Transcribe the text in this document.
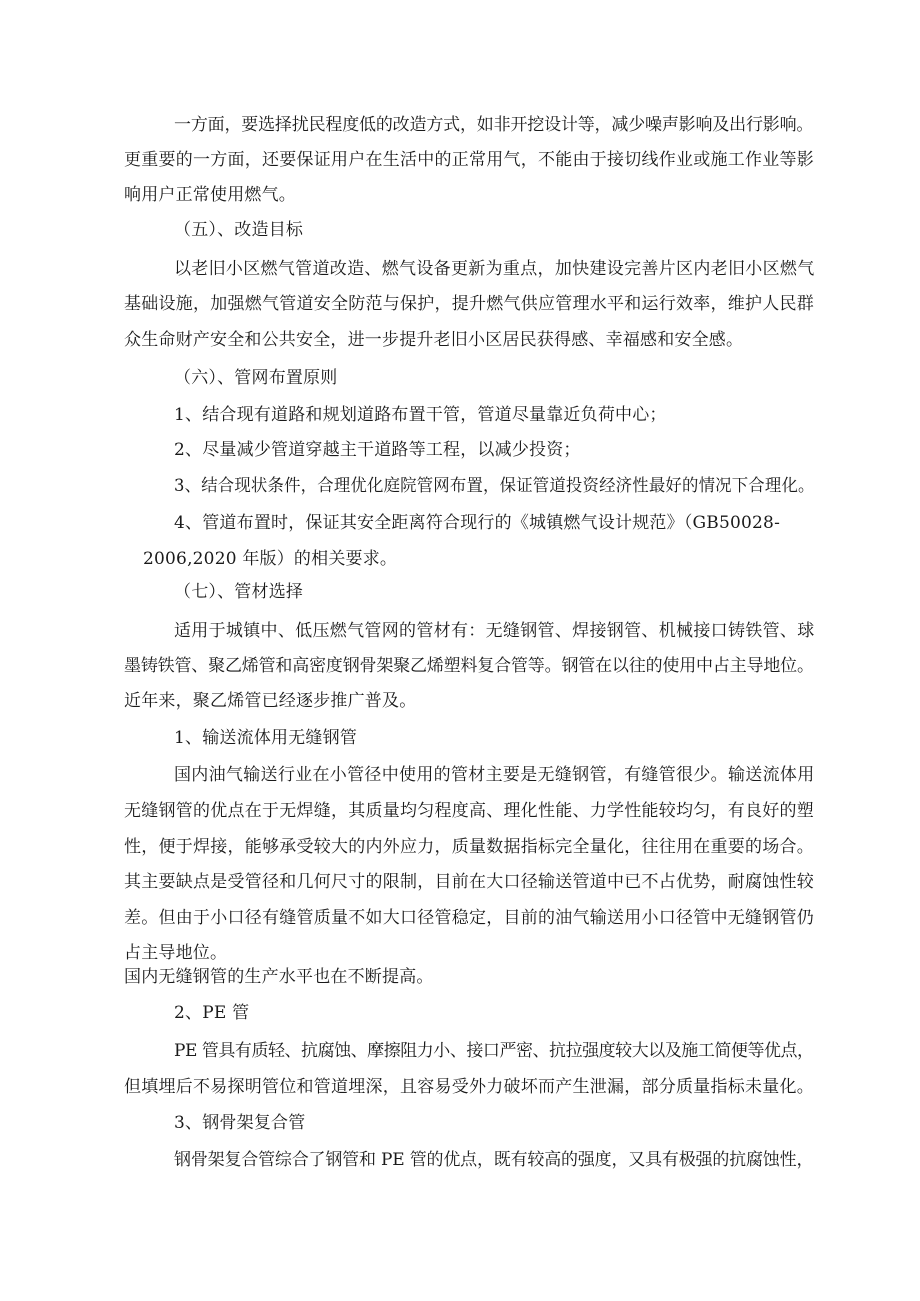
一方面，要选择扰民程度低的改造方式，如非开挖设计等，减少噪声影响及出行影响。

更重要的一方面，还要保证用户在生活中的正常用气，不能由于接切线作业或施工作业等影

响用户正常使用燃气。

（五）、改造目标

以老旧小区燃气管道改造、燃气设备更新为重点，加快建设完善片区内老旧小区燃气

基础设施，加强燃气管道安全防范与保护，提升燃气供应管理水平和运行效率，维护人民群

众生命财产安全和公共安全，进一步提升老旧小区居民获得感、幸福感和安全感。

（六）、管网布置原则

1、结合现有道路和规划道路布置干管，管道尽量靠近负荷中心；

2、尽量减少管道穿越主干道路等工程，以减少投资；

3、结合现状条件，合理优化庭院管网布置，保证管道投资经济性最好的情况下合理化。

4、管道布置时，保证其安全距离符合现行的《城镇燃气设计规范》（GB50028-

2006,2020 年版）的相关要求。

（七）、管材选择

适用于城镇中、低压燃气管网的管材有：无缝钢管、焊接钢管、机械接口铸铁管、球

墨铸铁管、聚乙烯管和高密度钢骨架聚乙烯塑料复合管等。钢管在以往的使用中占主导地位。

近年来，聚乙烯管已经逐步推广普及。

1、输送流体用无缝钢管

国内油气输送行业在小管径中使用的管材主要是无缝钢管，有缝管很少。输送流体用

无缝钢管的优点在于无焊缝，其质量均匀程度高、理化性能、力学性能较均匀，有良好的塑

性，便于焊接，能够承受较大的内外应力，质量数据指标完全量化，往往用在重要的场合。

其主要缺点是受管径和几何尺寸的限制，目前在大口径输送管道中已不占优势，耐腐蚀性较

差。但由于小口径有缝管质量不如大口径管稳定，目前的油气输送用小口径管中无缝钢管仍

占主导地位。

国内无缝钢管的生产水平也在不断提高。

2、PE 管

PE 管具有质轻、抗腐蚀、摩擦阻力小、接口严密、抗拉强度较大以及施工简便等优点，

但填埋后不易探明管位和管道埋深，且容易受外力破坏而产生泄漏，部分质量指标未量化。

3、钢骨架复合管

钢骨架复合管综合了钢管和 PE 管的优点，既有较高的强度，又具有极强的抗腐蚀性，
